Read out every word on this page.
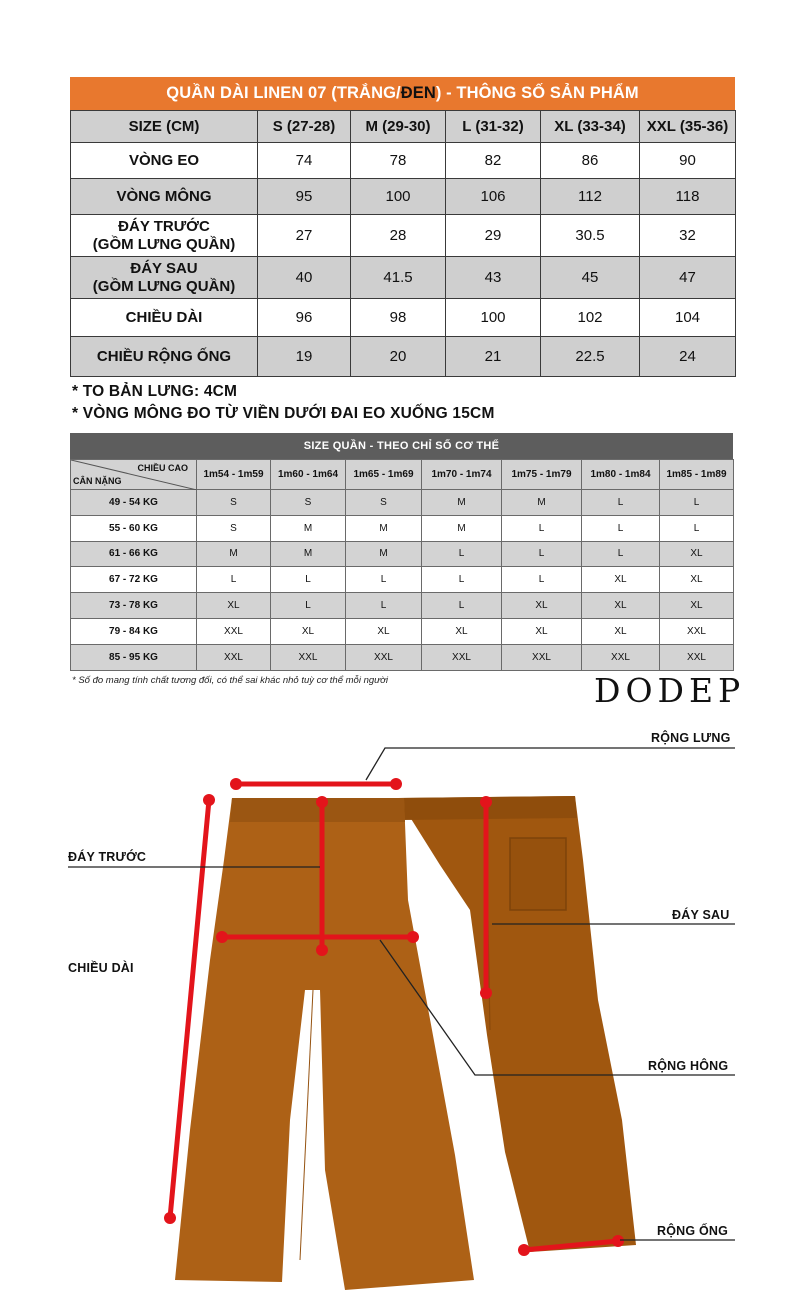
QUẦN DÀI LINEN 07 (TRẮNG/ ĐEN ) - THÔNG SỐ SẢN PHẨM
SIZE (CM)	S (27-28)	M (29-30)	L (31-32)	XL (33-34)	XXL (35-36)

VÒNG EO	74	78	82	86	90

VÒNG MÔNG	95	100	106	112	118

ĐÁY TRƯỚC
(GỒM LƯNG QUẦN)	27	28	29	30.5	32

ĐÁY SAU
(GỒM LƯNG QUẦN)	40	41.5	43	45	47

CHIỀU DÀI	96	98	100	102	104

CHIỀU RỘNG ỐNG	19	20	21	22.5	24
* TO BẢN LƯNG: 4CM
* VÒNG MÔNG ĐO TỪ VIỀN DƯỚI ĐAI EO XUỐNG 15CM
SIZE QUẦN - THEO CHỈ SỐ CƠ THỂ
CHIỀU CAO
CÂN NẶNG	1m54 - 1m59	1m60 - 1m64	1m65 - 1m69	1m70 - 1m74	1m75 - 1m79	1m80 - 1m84	1m85 - 1m89
49 - 54 KG	S	S	S	M	M	L	L
55 - 60 KG	S	M	M	M	L	L	L
61 - 66 KG	M	M	M	L	L	L	XL
67 - 72 KG	L	L	L	L	L	XL	XL
73 - 78 KG	XL	L	L	L	XL	XL	XL
79 - 84 KG	XXL	XL	XL	XL	XL	XL	XXL
85 - 95 KG	XXL	XXL	XXL	XXL	XXL	XXL	XXL
* Số đo mang tính chất tương đối, có thể sai khác nhỏ tuỳ cơ thể mỗi người	DODEP
RỘNG LƯNG
ĐÁY TRƯỚC
ĐÁY SAU
CHIỀU DÀI
RỘNG HÔNG
RỘNG ỐNG
